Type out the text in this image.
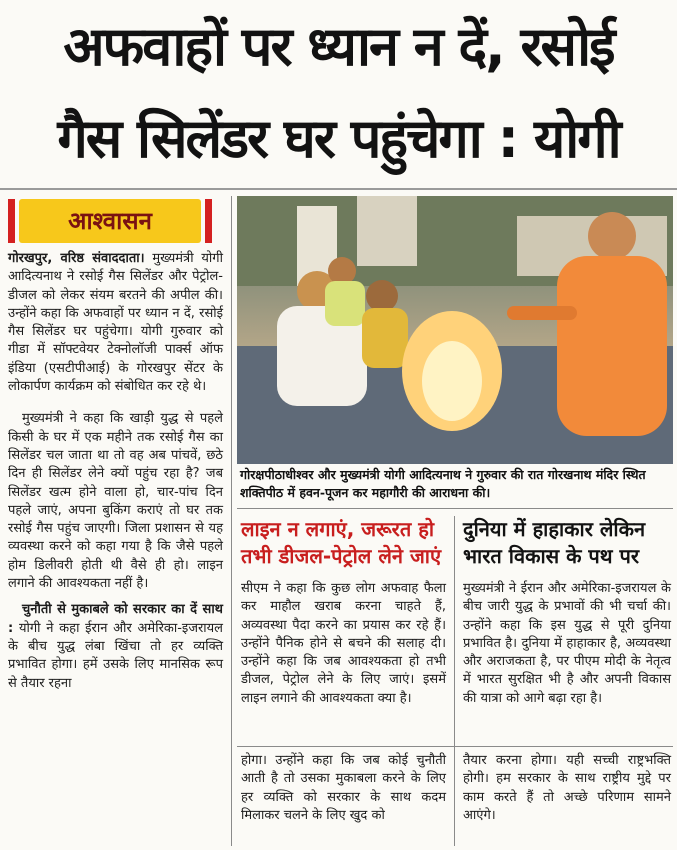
अफवाहों पर ध्यान न दें, रसोई
गैस सिलेंडर घर पहुंचेगा : योगी
आश्वासन

गोरखपुर, वरिष्ठ संवाददाता। मुख्यमंत्री योगी आदित्यनाथ ने रसोई गैस सिलेंडर और पेट्रोल-डीजल को लेकर संयम बरतने की अपील की। उन्होंने कहा कि अफवाहों पर ध्यान न दें, रसोई गैस सिलेंडर घर पहुंचेगा। योगी गुरुवार को गीडा में सॉफ्टवेयर टेक्नोलॉजी पार्क्स ऑफ इंडिया (एसटीपीआई) के गोरखपुर सेंटर के लोकार्पण कार्यक्रम को संबोधित कर रहे थे।

मुख्यमंत्री ने कहा कि खाड़ी युद्ध से पहले किसी के घर में एक महीने तक रसोई गैस का सिलेंडर चल जाता था तो वह अब पांचवें, छठे दिन ही सिलेंडर लेने क्यों पहुंच रहा है? जब सिलेंडर खत्म होने वाला हो, चार-पांच दिन पहले जाएं, अपना बुकिंग कराएं तो घर तक रसोई गैस पहुंच जाएगी। जिला प्रशासन से यह व्यवस्था करने को कहा गया है कि जैसे पहले होम डिलीवरी होती थी वैसे ही हो। लाइन लगाने की आवश्यकता नहीं है।

चुनौती से मुकाबले को सरकार का दें साथ : योगी ने कहा ईरान और अमेरिका-इजरायल के बीच युद्ध लंबा खिंचा तो हर व्यक्ति प्रभावित होगा। हमें उसके लिए मानसिक रूप से तैयार रहना

गोरक्षपीठाधीश्वर और मुख्यमंत्री योगी आदित्यनाथ ने गुरुवार की रात गोरखनाथ मंदिर स्थित शक्तिपीठ में हवन-पूजन कर महागौरी की आराधना की।
लाइन न लगाएं, जरूरत हो तभी डीजल-पेट्रोल लेने जाएं

सीएम ने कहा कि कुछ लोग अफवाह फैला कर माहौल खराब करना चाहते हैं, अव्यवस्था पैदा करने का प्रयास कर रहे हैं। उन्होंने पैनिक होने से बचने की सलाह दी। उन्होंने कहा कि जब आवश्यकता हो तभी डीजल, पेट्रोल लेने के लिए जाएं। इसमें लाइन लगाने की आवश्यकता क्या है।

होगा। उन्होंने कहा कि जब कोई चुनौती आती है तो उसका मुकाबला करने के लिए हर व्यक्ति को सरकार के साथ कदम मिलाकर चलने के लिए खुद को

दुनिया में हाहाकार लेकिन भारत विकास के पथ पर

मुख्यमंत्री ने ईरान और अमेरिका-इजरायल के बीच जारी युद्ध के प्रभावों की भी चर्चा की। उन्होंने कहा कि इस युद्ध से पूरी दुनिया प्रभावित है। दुनिया में हाहाकार है, अव्यवस्था और अराजकता है, पर पीएम मोदी के नेतृत्व में भारत सुरक्षित भी है और अपनी विकास की यात्रा को आगे बढ़ा रहा है।

तैयार करना होगा। यही सच्ची राष्ट्रभक्ति होगी। हम सरकार के साथ राष्ट्रीय मुद्दे पर काम करते हैं तो अच्छे परिणाम सामने आएंगे।
